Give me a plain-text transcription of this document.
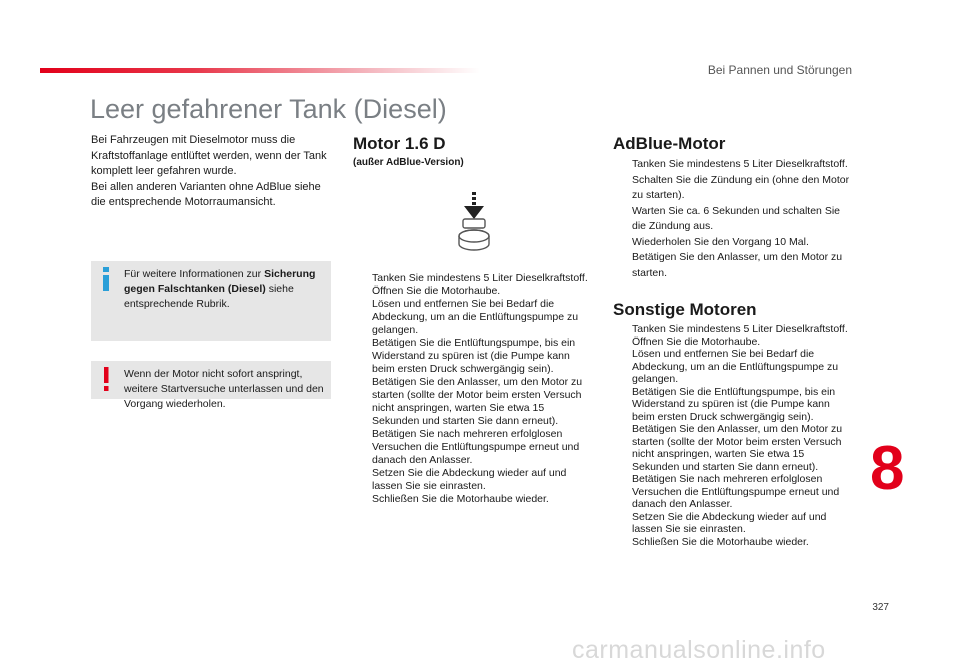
Bei Pannen und Störungen
Leer gefahrener Tank (Diesel)

Bei Fahrzeugen mit Dieselmotor muss die Kraftstoffanlage entlüftet werden, wenn der Tank komplett leer gefahren wurde.

Bei allen anderen Varianten ohne AdBlue siehe die entsprechende Motorraumansicht.

Für weitere Informationen zur Sicherung gegen Falschtanken (Diesel) siehe entsprechende Rubrik.
Wenn der Motor nicht sofort anspringt, weitere Startversuche unterlassen und den Vorgang wiederholen.
Motor 1.6 D
(außer AdBlue-Version)
Tanken Sie mindestens 5 Liter Dieselkraftstoff.
Öffnen Sie die Motorhaube.
Lösen und entfernen Sie bei Bedarf die Abdeckung, um an die Entlüftungspumpe zu gelangen.
Betätigen Sie die Entlüftungspumpe, bis ein Widerstand zu spüren ist (die Pumpe kann beim ersten Druck schwergängig sein).
Betätigen Sie den Anlasser, um den Motor zu starten (sollte der Motor beim ersten Versuch nicht anspringen, warten Sie etwa 15 Sekunden und starten Sie dann erneut).
Betätigen Sie nach mehreren erfolglosen Versuchen die Entlüftungspumpe erneut und danach den Anlasser.
Setzen Sie die Abdeckung wieder auf und lassen Sie sie einrasten.
Schließen Sie die Motorhaube wieder.
AdBlue-Motor
Tanken Sie mindestens 5 Liter Dieselkraftstoff.
Schalten Sie die Zündung ein (ohne den Motor zu starten).
Warten Sie ca. 6 Sekunden und schalten Sie die Zündung aus.
Wiederholen Sie den Vorgang 10 Mal.
Betätigen Sie den Anlasser, um den Motor zu starten.
Sonstige Motoren
Tanken Sie mindestens 5 Liter Dieselkraftstoff.
Öffnen Sie die Motorhaube.
Lösen und entfernen Sie bei Bedarf die Abdeckung, um an die Entlüftungspumpe zu gelangen.
Betätigen Sie die Entlüftungspumpe, bis ein Widerstand zu spüren ist (die Pumpe kann beim ersten Druck schwergängig sein).
Betätigen Sie den Anlasser, um den Motor zu starten (sollte der Motor beim ersten Versuch nicht anspringen, warten Sie etwa 15 Sekunden und starten Sie dann erneut).
Betätigen Sie nach mehreren erfolglosen Versuchen die Entlüftungspumpe erneut und danach den Anlasser.
Setzen Sie die Abdeckung wieder auf und lassen Sie sie einrasten.
Schließen Sie die Motorhaube wieder.
8
327
carmanualsonline.info
